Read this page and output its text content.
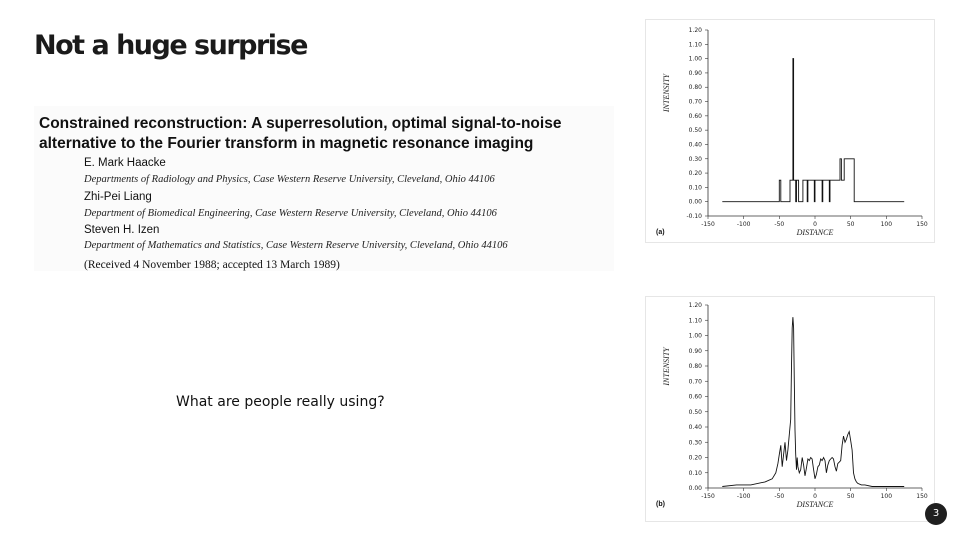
Not a huge surprise

Constrained reconstruction: A superresolution, optimal signal-to-noise alternative to the Fourier transform in magnetic resonance imaging

E. Mark Haacke
Departments of Radiology and Physics, Case Western Reserve University, Cleveland, Ohio 44106
Zhi-Pei Liang
Department of Biomedical Engineering, Case Western Reserve University, Cleveland, Ohio 44106
Steven H. Izen
Department of Mathematics and Statistics, Case Western Reserve University, Cleveland, Ohio 44106
(Received 4 November 1988; accepted 13 March 1989)
What are people really using?
-0.10
0.00
0.10
0.20
0.30
0.40
0.50
0.60
0.70
0.80
0.90
1.00
1.10
1.20
-150	-100	-50	0	50	100	150
DISTANCE
INTENSITY
(a)
0.00
0.10
0.20
0.30
0.40
0.50
0.60
0.70
0.80
0.90
1.00
1.10
1.20
-150	-100	-50	0	50	100	150
DISTANCE
INTENSITY
(b)
3
